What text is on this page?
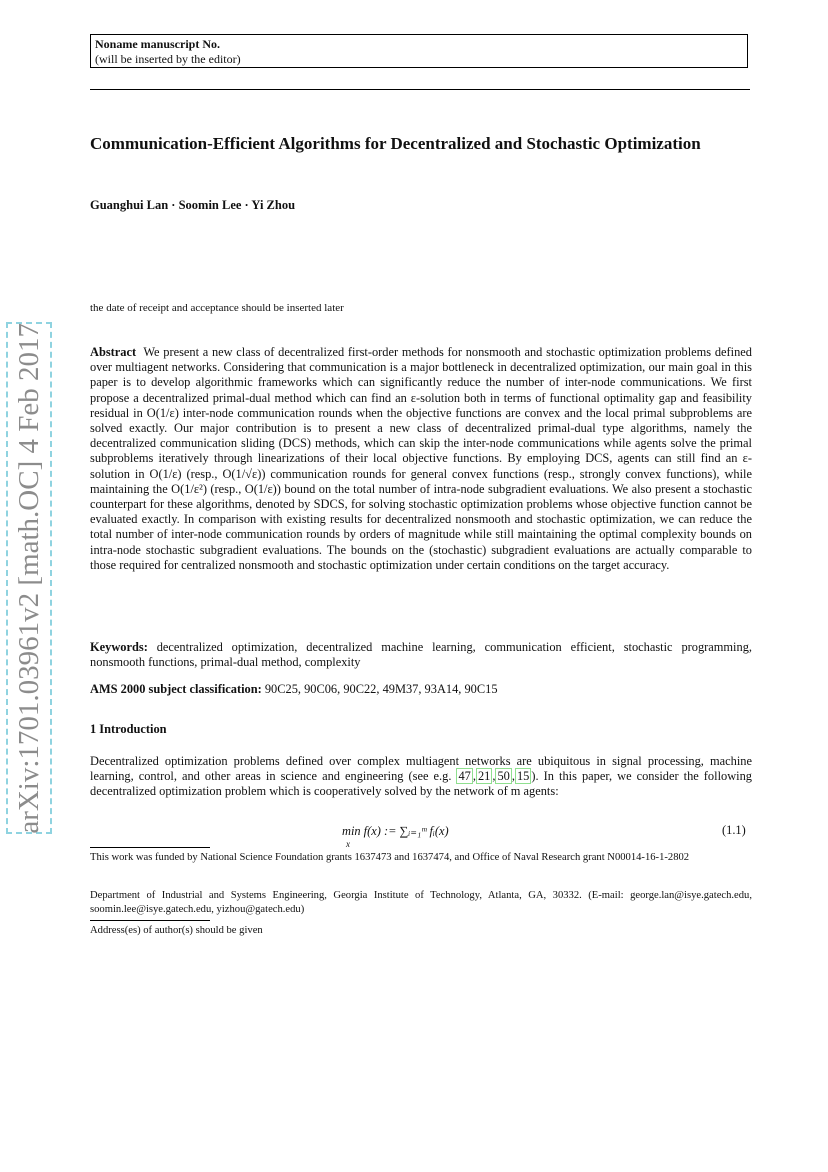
Noname manuscript No.
(will be inserted by the editor)
Communication-Efficient Algorithms for Decentralized and Stochastic Optimization
Guanghui Lan · Soomin Lee · Yi Zhou
the date of receipt and acceptance should be inserted later
arXiv:1701.03961v2 [math.OC] 4 Feb 2017	Abstract We present a new class of decentralized first-order methods for nonsmooth and stochastic optimization problems defined over multiagent networks. Considering that communication is a major bottleneck in decentralized optimization, our main goal in this paper is to develop algorithmic frameworks which can significantly reduce the number of inter-node communications. We first propose a decentralized primal-dual method which can find an ε-solution both in terms of functional optimality gap and feasibility residual in O(1/ε) inter-node communication rounds when the objective functions are convex and the local primal subproblems are solved exactly. Our major contribution is to present a new class of decentralized primal-dual type algorithms, namely the decentralized communication sliding (DCS) methods, which can skip the inter-node communications while agents solve the primal subproblems iteratively through linearizations of their local objective functions. By employing DCS, agents can still find an ε-solution in O(1/ε) (resp., O(1/√ε)) communication rounds for general convex functions (resp., strongly convex functions), while maintaining the O(1/ε²) (resp., O(1/ε)) bound on the total number of intra-node subgradient evaluations. We also present a stochastic counterpart for these algorithms, denoted by SDCS, for solving stochastic optimization problems whose objective function cannot be evaluated exactly. In comparison with existing results for decentralized nonsmooth and stochastic optimization, we can reduce the total number of inter-node communication rounds by orders of magnitude while still maintaining the optimal complexity bounds on intra-node stochastic subgradient evaluations. The bounds on the (stochastic) subgradient evaluations are actually comparable to those required for centralized nonsmooth and stochastic optimization under certain conditions on the target accuracy.
Keywords: decentralized optimization, decentralized machine learning, communication efficient, stochastic programming, nonsmooth functions, primal-dual method, complexity
AMS 2000 subject classification: 90C25, 90C06, 90C22, 49M37, 93A14, 90C15
1 Introduction
Decentralized optimization problems defined over complex multiagent networks are ubiquitous in signal processing, machine learning, control, and other areas in science and engineering (see e.g. 47 , 21 , 50 , 15 ). In this paper, we consider the following decentralized optimization problem which is cooperatively solved by the network of m agents:
min f(x) := ∑ᵢ₌₁ᵐ fᵢ(x)
x
(1.1)
This work was funded by National Science Foundation grants 1637473 and 1637474, and Office of Naval Research grant N00014-16-1-2802
Department of Industrial and Systems Engineering, Georgia Institute of Technology, Atlanta, GA, 30332. (E-mail: george.lan@isye.gatech.edu, soomin.lee@isye.gatech.edu, yizhou@gatech.edu)
Address(es) of author(s) should be given
